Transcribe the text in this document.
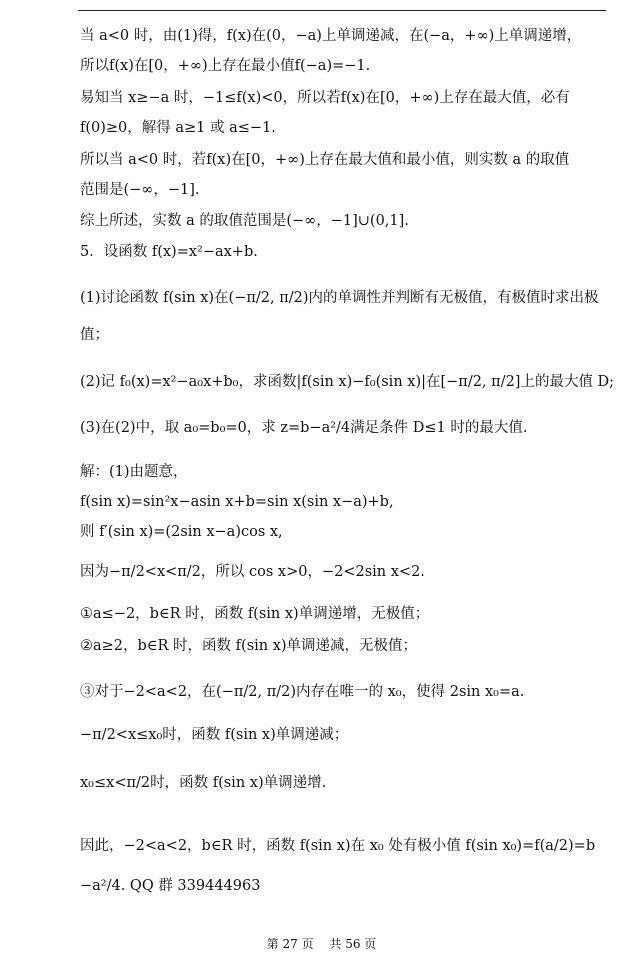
当 a<0 时，由(1)得，f(x)在(0，−a)上单调递减，在(−a，+∞)上单调递增，
所以f(x)在[0，+∞)上存在最小值f(−a)=−1.
易知当 x≥−a 时，−1≤f(x)<0，所以若f(x)在[0，+∞)上存在最大值，必有
f(0)≥0，解得 a≥1 或 a≤−1.
所以当 a<0 时，若f(x)在[0，+∞)上存在最大值和最小值，则实数 a 的取值
范围是(−∞，−1].
综上所述，实数 a 的取值范围是(−∞，−1]∪(0,1].
5．设函数 f(x)=x²−ax+b.
(1)讨论函数 f(sin x)在(−π/2, π/2)内的单调性并判断有无极值，有极值时求出极
值；
(2)记 f₀(x)=x²−a₀x+b₀，求函数|f(sin x)−f₀(sin x)|在[−π/2, π/2]上的最大值 D;
(3)在(2)中，取 a₀=b₀=0，求 z=b−a²/4满足条件 D≤1 时的最大值.
解：(1)由题意，
f(sin x)=sin²x−asin x+b=sin x(sin x−a)+b,
则 f′(sin x)=(2sin x−a)cos x,
因为−π/2<x<π/2，所以 cos x>0，−2<2sin x<2.
①a≤−2，b∈R 时，函数 f(sin x)单调递增，无极值；
②a≥2，b∈R 时，函数 f(sin x)单调递减，无极值；
③对于−2<a<2，在(−π/2, π/2)内存在唯一的 x₀，使得 2sin x₀=a.
−π/2<x≤x₀时，函数 f(sin x)单调递减；
x₀≤x<π/2时，函数 f(sin x)单调递增.
因此，−2<a<2，b∈R 时，函数 f(sin x)在 x₀ 处有极小值 f(sin x₀)=f(a/2)=b
−a²/4. QQ 群 339444963
第 27 页 共 56 页
